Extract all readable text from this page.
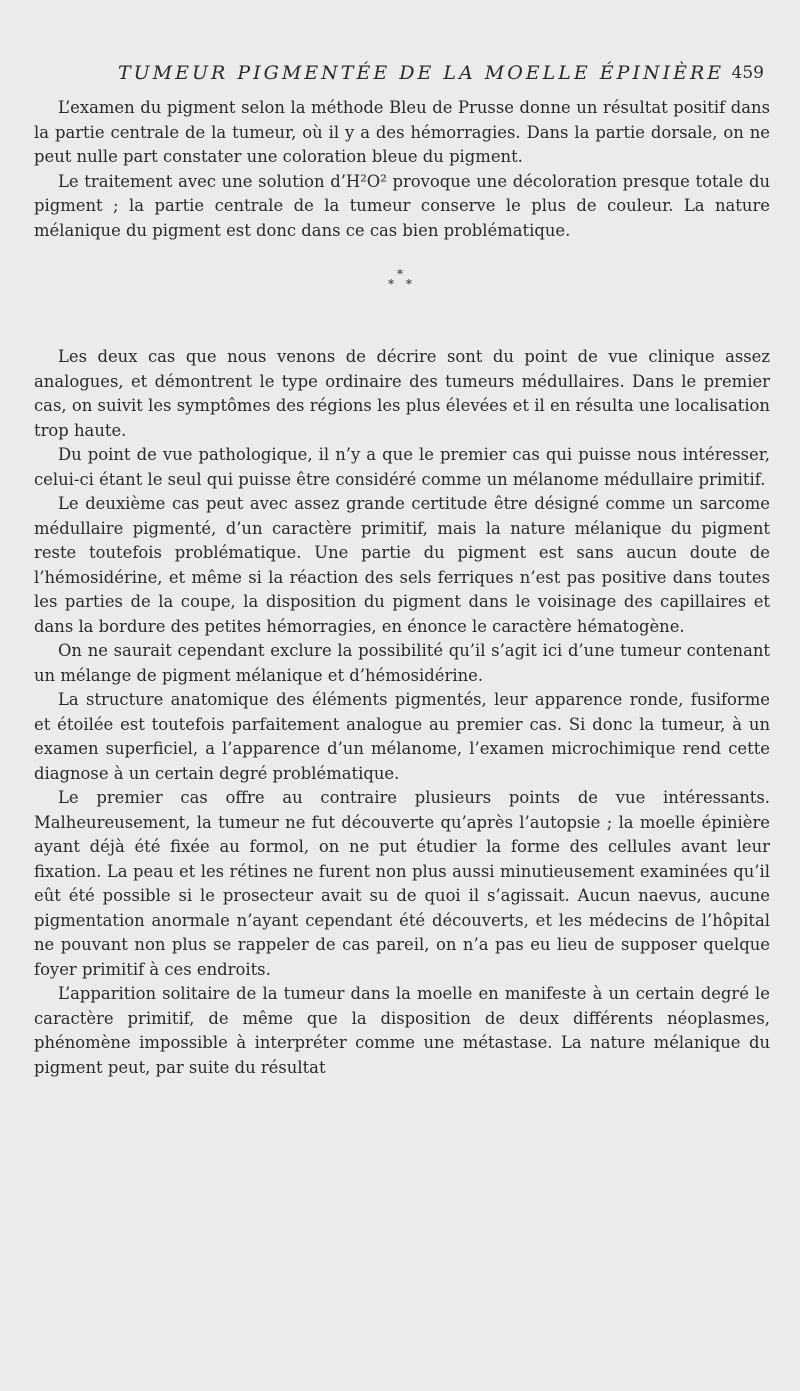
TUMEUR PIGMENTÉE DE LA MOELLE ÉPINIÈRE 459

L’examen du pigment selon la méthode Bleu de Prusse donne un résultat positif dans la partie centrale de la tumeur, où il y a des hémorragies. Dans la partie dorsale, on ne peut nulle part constater une coloration bleue du pigment.

Le traitement avec une solution d’H²O² provoque une décoloration presque totale du pigment ; la partie centrale de la tumeur conserve le plus de couleur. La nature mélanique du pigment est donc dans ce cas bien problématique.

*
* *

Les deux cas que nous venons de décrire sont du point de vue clinique assez analogues, et démontrent le type ordinaire des tumeurs médullaires. Dans le premier cas, on suivit les symptômes des régions les plus élevées et il en résulta une localisation trop haute.

Du point de vue pathologique, il n’y a que le premier cas qui puisse nous intéresser, celui-ci étant le seul qui puisse être considéré comme un mélanome médullaire primitif.

Le deuxième cas peut avec assez grande certitude être désigné comme un sarcome médullaire pigmenté, d’un caractère primitif, mais la nature mélanique du pigment reste toutefois problématique. Une partie du pigment est sans aucun doute de l’hémosidérine, et même si la réaction des sels ferriques n’est pas positive dans toutes les parties de la coupe, la disposition du pigment dans le voisinage des capillaires et dans la bordure des petites hémorragies, en énonce le caractère hématogène.

On ne saurait cependant exclure la possibilité qu’il s’agit ici d’une tumeur contenant un mélange de pigment mélanique et d’hémosidérine.

La structure anatomique des éléments pigmentés, leur apparence ronde, fusiforme et étoilée est toutefois parfaitement analogue au premier cas. Si donc la tumeur, à un examen superficiel, a l’apparence d’un mélanome, l’examen microchimique rend cette diagnose à un certain degré problématique.

Le premier cas offre au contraire plusieurs points de vue intéressants. Malheureusement, la tumeur ne fut découverte qu’après l’autopsie ; la moelle épinière ayant déjà été fixée au formol, on ne put étudier la forme des cellules avant leur fixation. La peau et les rétines ne furent non plus aussi minutieusement examinées qu’il eût été possible si le prosecteur avait su de quoi il s’agissait. Aucun naevus, aucune pigmentation anormale n’ayant cependant été découverts, et les médecins de l’hôpital ne pouvant non plus se rappeler de cas pareil, on n’a pas eu lieu de supposer quelque foyer primitif à ces endroits.

L’apparition solitaire de la tumeur dans la moelle en manifeste à un certain degré le caractère primitif, de même que la disposition de deux différents néoplasmes, phénomène impossible à interpréter comme une métastase. La nature mélanique du pigment peut, par suite du résultat
